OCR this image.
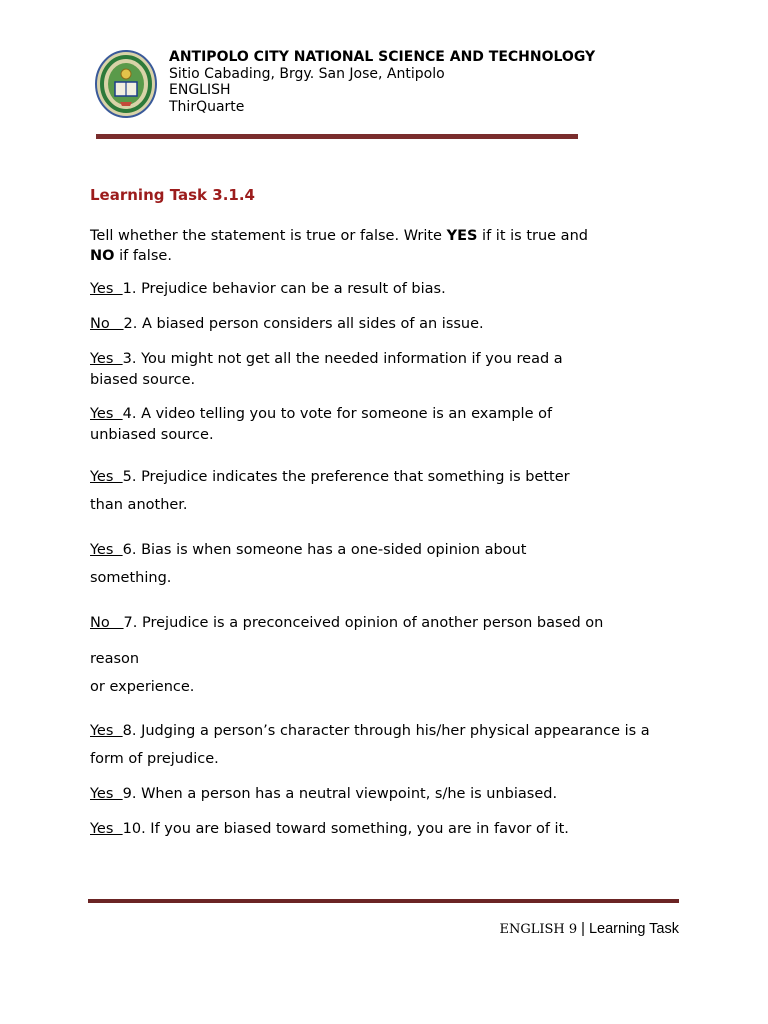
ANTIPOLO CITY NATIONAL SCIENCE AND TECHNOLOGY
Sitio Cabading, Brgy. San Jose, Antipolo
ENGLISH
ThirQuarte
Learning Task 3.1.4
Tell whether the statement is true or false. Write YES if it is true and
NO if false.
Yes  1. Prejudice behavior can be a result of bias.
No   2. A biased person considers all sides of an issue.
Yes  3. You might not get all the needed information if you read a
biased source.
Yes  4. A video telling you to vote for someone is an example of
unbiased source.
Yes  5. Prejudice indicates the preference that something is better
than another.
Yes  6. Bias is when someone has a one-sided opinion about
something.
No   7. Prejudice is a preconceived opinion of another person based on
reason
or experience.
Yes  8. Judging a person’s character through his/her physical appearance is a
form of prejudice.
Yes  9. When a person has a neutral viewpoint, s/he is unbiased.
Yes  10. If you are biased toward something, you are in favor of it.
ENGLISH 9 | Learning Task
